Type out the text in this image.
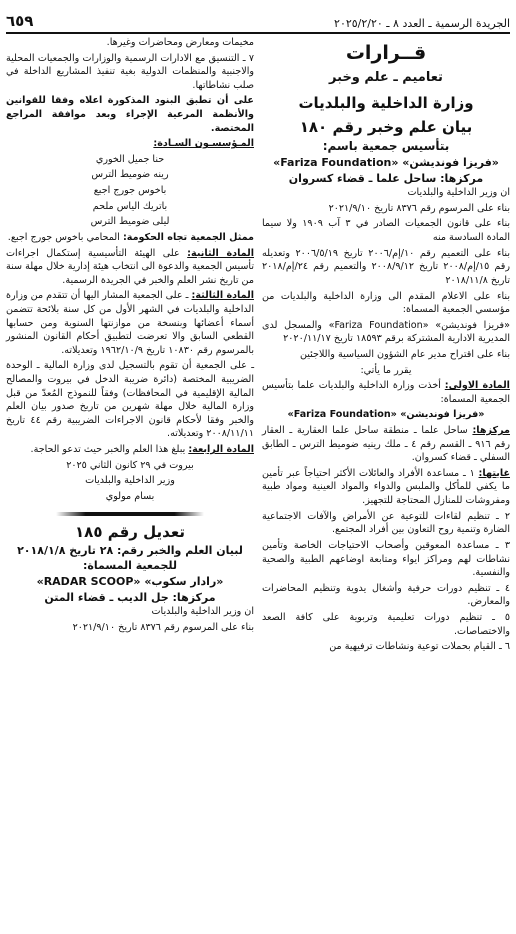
الجريدة الرسمية ـ العدد ٨ ـ ٢٠٢٥/٢/٢٠
٦٥٩
قــرارات
تعاميم ـ علم وخبر
وزارة الداخلية والبلديات
بيان علم وخبر رقم ١٨٠
بتأسيس جمعية باسم:
«فريزا فونديشن» «Fariza Foundation»
مركزها: ساحل علما ـ قضاء كسروان

ان وزير الداخلية والبلديات

بناء على المرسوم رقم ٨٣٧٦ تاريخ ٢٠٢١/٩/١٠

بناء على قانون الجمعيات الصادر في ٣ آب ١٩٠٩ ولا سيما المادة السادسة منه

بناء على التعميم رقم ١٠/إم/٢٠٠٦ تاريخ ٢٠٠٦/٥/١٩ وتعديله رقم ١٥/إم/٢٠٠٨ تاريخ ٢٠٠٨/٩/١٢ والتعميم رقم ٢٤/إم/٢٠١٨ تاريخ ٢٠١٨/١١/٨

بناء على الاعلام المقدم الى وزارة الداخلية والبلديات من مؤسسي الجمعية المسماة:

«فريزا فونديشن» «Fariza Foundation» والمسجل لدى المديرية الادارية المشتركة برقم ١٨٥٩٣ تاريخ ٢٠٢٠/١١/١٧

بناء على اقتراح مدير عام الشؤون السياسية واللاجئين

يقرر ما يأتي:

المادة الاولى: أخذت وزارة الداخلية والبلديات علما بتأسيس الجمعية المسماة:

«فريزا فونديشن» «Fariza Foundation»

مركزها: ساحل علما ـ منطقة ساحل علما العقارية ـ العقار رقم ٩١٦ ـ القسم رقم ٤ ـ ملك رينيه ضوميط الترس ـ الطابق السفلي ـ قضاء كسروان.

غايتها: ١ ـ مساعدة الأفراد والعائلات الأكثر احتياجاً عبر تأمين ما يكفي للمأكل والملبس والدواء والمواد العينية ومواد طبية ومفروشات للمنازل المحتاجة للتجهيز.

٢ ـ تنظيم لقاءات للتوعية عن الأمراض والآفات الاجتماعية الضارة وتنمية روح التعاون بين أفراد المجتمع.

٣ ـ مساعدة المعوقين وأصحاب الاحتياجات الخاصة وتأمين نشاطات لهم ومراكز ايواء ومتابعة اوضاعهم الطبية والصحية والنفسية.

٤ ـ تنظيم دورات حرفية وأشغال يدوية وتنظيم المحاضرات والمعارض.

٥ ـ تنظيم دورات تعليمية وتربوية على كافة الصعد والاختصاصات.

٦ ـ القيام بحملات توعية ونشاطات ترفيهية من

مخيمات ومعارض ومحاضرات وغيرها.

٧ ـ التنسيق مع الادارات الرسمية والوزارات والجمعيات المحلية والاجنبية والمنظمات الدولية بغية تنفيذ المشاريع الداخلة في صلب نشاطاتها.

على أن تطبق البنود المذكورة اعلاه وفقا للقوانين والأنظمة المرعية الإجراء وبعد موافقة المراجع المختصة.

المـؤسسـون السـادة:

حنا جميل الخوري

رينه ضوميط الترس

باخوس جورج اجبع

باتريك الياس ملحم

ليلى ضوميط الترس

ممثل الجمعية تجاه الحكومة: المحامي باخوس جورج اجبع.

المادة الثانية: على الهيئة التأسيسية إستكمال اجراءات تأسيس الجمعية والدعوة الى انتخاب هيئة إدارية خلال مهلة سنة من تاريخ نشر العلم والخبر في الجريدة الرسمية.

المادة الثالثة: ـ على الجمعية المشار اليها أن تتقدم من وزارة الداخلية والبلديات في الشهر الأول من كل سنة بلائحة تتضمن أسماء أعضائها وبنسخة من موازنتها السنوية ومن حسابها القطعي السابق والا تعرضت لتطبيق أحكام القانون المنشور بالمرسوم رقم ١٠٨٣٠ تاريخ ١٩٦٢/١٠/٩ وتعديلاته.

ـ على الجمعية أن تقوم بالتسجيل لدى وزارة المالية ـ الوحدة الضريبية المختصة (دائرة ضريبة الدخل في بيروت والمصالح المالية الإقليمية في المحافظات) وفقاً للنموذج المُعدّ من قبل وزارة المالية خلال مهلة شهرين من تاريخ صدور بيان العلم والخبر وفقا لأحكام قانون الاجراءات الضريبية رقم ٤٤ تاريخ ٢٠٠٨/١١/١١ وتعديلاته.

المادة الرابعة: يبلغ هذا العلم والخبر حيث تدعو الحاجة.

بيروت في ٢٩ كانون الثاني ٢٠٢٥

وزير الداخلية والبلديات

بسام مولوي

تعديل رقم ١٨٥
لبيان العلم والخبر رقم: ٢٨ تاريخ ٢٠١٨/١/٨
للجمعية المسماة:
«رادار سكوب» «RADAR SCOOP»
مركزها: جل الديب ـ قضاء المتن

ان وزير الداخلية والبلديات

بناء على المرسوم رقم ٨٣٧٦ تاريخ ٢٠٢١/٩/١٠
